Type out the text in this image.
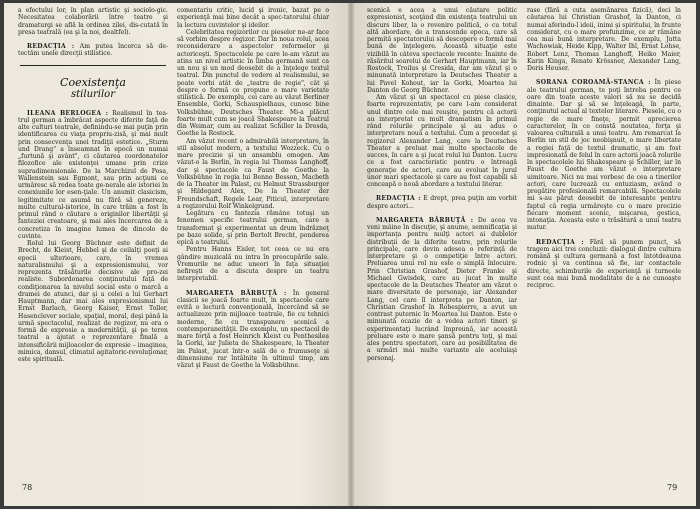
a efectului lor, în plan artistic şi sociolo-gic. Necesitatea colaborării între teatre şi dramaturgi se află la ordinea zilei, dis-cutată în presa teatrală (ea şi la noi, dealtfel).

REDACŢIA : Am putea încerca să de-tectăm unele direcţii stilistice.

Coexistenţa
stilurilor

ILEANA BERLOGEA : Realismul în tea-trul german a îmbrăcat aspecte diferite faţă de alte culturi teatrale, definindu-se mai puţin prin identificarea cu viaţa propriu-zisă, şi mai mult prin consecvenţa unei tradiţii estetice. „Sturm und Drang" a înseamnat în epocă un numai „furtună şi avânt", ci căutarea coordonatelor filozofice ale existenţei umane prin crize supradimensionale. De la Marchizul de Posa, Wallenstein sau Egmont, sau prin acţiuni ce urmăresc să redea toate ge-nerale ale istoriei în conexiunile lor esen-ţiale. Un anumit clasicism, legitimitate ce asumă nu fără să genereze, multe cultural-istorice, în care trăim a fost în primul rând o căutare a originilor libertăţii şi fanteziei creatoare, şi mai ales încercarea de a concretiza în imagine lumea de dincolo de cuvinte.

Rolul lui Georg Büchner este definit de Brecht, de Kleist, Hebbel şi de ceilalţi poeţi ai epocii ulterioare, care, în vremea naturalismului şi a expresionismului, vor reprezenta trăsăturile decisive ale pro-zei realiste. Subordonarea conţinutului faţă de condiţionarea la nivelul social este o marcă a dramei de atunci, dar şi a celei a lui Gerhart Hauptmann, dar mai ales expresionismul lui Ernst Barlach, Georg Kaiser, Ernst Toller, Hasenclever sociale, spaţial, moral, deşi până la urmă spectacolul, realizat de regizor, nu era o formă de expresie a modernităţii, şi pe teren teatral a ajutat o reprezentare finală a intensificării mijloacelor de expresie – imaginea, mimica, dansul, climatul agitatoric-revoluţionar, este spirituală.

comentariu critic, lucid şi ironic, bazat pe o experienţă mai bine decât a spec-tatorului chiar la lectura cuvintelor şi ideilor.

Celebritatea regizorilor cu pieselor ne-ar face să vorbim despre regizor. Dar în noua rolul, acea reconsiderare a aspectelor reformelor şi actoriceşti. Spectacolele pe care le-am văzut au atins un nivel artistic în limba germană sunt ca un nou şi un mod deosebit de a înţelege textul teatral. Din punctul de vedere al realismului, se poate vorbi atât de „teatru de regie", cât şi despre o formă ce propune o mare varietate stilistică. De exemplu, cei care au văzut Berliner Ensemble, Gorki, Schauspielhaus, cunosc bine Volksbühne, Deutsches Theater. Mi-a plăcut foarte mult cum se joacă Shakespeare la Teatrul din Weimar, cum au realizat Schiller la Dresda, Goethe la Rostock.

Am văzut recent o admirabilă interpretare, în stil absolut modern, a textului Wozzeck. Cu o mare precizie şi un ansamblu omogen. Am văzut-o la Berlin, în regia lui Thomas Langhoff, dar şi spectacole ca Faust de Goethe la Volksbühne în regia lui Benno Besson, Macbeth de la Theater im Palast, cu Helmut Strassburger şi Hildegard Alex, De la Theater der Freundschaft, Regele Lear, Piticul, interpretare a regizorului Rolf Winkelgrund.

Legătura cu fantezia rămâne totuşi un fenomen specific teatrului german, care a transformat şi experimentat un drum îndrăzneţ pe baze solide, şi prin Bertolt Brecht, ponderea epică a teatrului.

Pentru Hanns Eisler, tot ceea ce nu era gândire muzicală nu intra în preocupările sale. Vremurile ne aduc uneori în faţa situaţiei nefireşti de a discuta despre un teatru interpretabil.

MARGARETA BĂRBUŢĂ : În general clasicii se joacă foarte mult, în spectacole care evită o lectură convenţională, încercând să se actualizeze prin mijloace teatrale, fie cu tehnici moderne, fie cu transpunere scenică a contemporaneităţii. De exemplu, un spectacol de mare forţă a fost Heinrich Kleist cu Penthesilea la Gorki, iar Julieta de Shakespeare, la Theater im Palast, jucat într-o sală de o frumuseţe și dimensiune rar întâlnite în ultimul timp, am văzut şi Faust de Goethe la Volksbühne.

78

scenică e acea a unui căutare politic expresionist, scoţând din existenţa teatrului un discurs liber, la o revenire politică, o cu totul altă abordare, de a transcende epoca, care să permită spectatorului să descopere o formă mai bună de înţelegere. Această situaţie este vizibilă în câteva spectacole recente: Înainte de răsăritul soarelui de Gerhart Hauptmann, iar în Rostock, Troilus şi Cresida, dar am văzut şi o minunată interpretare la Deutsches Theater a lui Pavel Kohout, iar la Gorki, Moartea lui Danton de Georg Büchner.

Am văzut şi un spectacol cu piese clasice, foarte reprezentativ, pe care l-am considerat unul dintre cele mai reuşite, pentru că actorii au interpretat cu mult dramatism în primul rând rolurile principale şi au adus o interpretare nouă a textului. Cum a procedat şi regizorul Alexander Lang, care la Deutsches Theater a preluat mai multe spectacole de succes, în care a şi jucat rolul lui Danton. Lucru ce a fost caracteristic pentru o întreagă generaţie de actori, care au evoluat în jurul unor mari spectacole şi care au fost capabili să conceapă o nouă abordare a textului literar.

REDACŢIA : E drept, prea puţin am vorbit despre actori...

MARGARETA BĂRBUŢĂ : De acea va veni mâine în discuţie, şi anume, semnificaţia şi importanţa pentru mulţi actori ai dublelor distribuţii de la diferite teatre, prin rolurile principale, care devin adesea o referinţă de interpretare şi o competiţie între actori. Preluarea unui rol nu este o simplă înlocuire. Prin Christian Grashof, Dieter Franke şi Michael Gwisdek, care au jucat în multe spectacole de la Deutsches Theater am văzut o mare diversitate de personaje, iar Alexander Lang, cel care îl interpreta pe Danton, iar Christian Grashof în Robespierre, a avut un contrast puternic în Moartea lui Danton. Este o minunată ocazie de a vedea actori tineri şi experimentaţi lucrând împreună, iar această preluare este o mare şansă pentru toţi, şi mai ales pentru spectatori, care au posibilitatea de a urmări mai multe variante ale aceluiaşi personaj.

rase (fără a cuta asemănarea fizică), deci în căutarea lui Christian Grashof, la Danton, ci numai aferindu-l ideii, inimi şi spiritului, în frunte considerat, cu o mare profunzime, ce ar rămâne cea mai bună interpretare. De exemplu, Jutta Wachowiak, Heide Kipp, Walter Ihl, Ernst Lohse, Robert Lenz, Thomas Langhoff, Heiko Maier, Karin Kinga, Renate Krössner, Alexander Lang, Doris Heuser.

SORANA COROAMĂ-STANCA : În piese ale teatrului german, te poţi întreba pentru ce oare din toate aceste valori să nu se decidă dinainte. Dar şi să se înţeleagă, în parte, conţinutul actual al textelor literare. Piesele, cu o regie de mare fineţe, permit aprecierea caracterelor, în ce constă noutatea, forţa şi valoarea culturală a unui teatru. Am remarcat la Berlin un stil de joc neobişnuit, o mare libertate a regiei faţă de textul dramatic, şi am fost impresionată de felul în care actorii joacă rolurile în spectacolele lui Shakespeare şi Schiller, iar în Faust de Goethe am văzut o interpretare uimitoare. Nici nu mai vorbesc de cea a tinerilor actori, care lucrează cu entuziasm, având o pregătire profesională remarcabilă. Spectacolele mi s-au părut deosebit de interesante pentru faptul că regia urmăreşte cu o mare precizie fiecare moment scenic, mişcarea, gestica, intonaţia. Aceasta este o trăsătură a unui teatru matur.

REDACŢIA : Fără să punem punct, să tragem aici trei concluzii: dialogul dintre cultura română şi cultura germană a fost întotdeauna rodnic şi va continua să fie, iar contactele directe, schimburile de experienţă şi turneele sunt cea mai bună modalitate de a ne cunoaşte reciproc.

79
